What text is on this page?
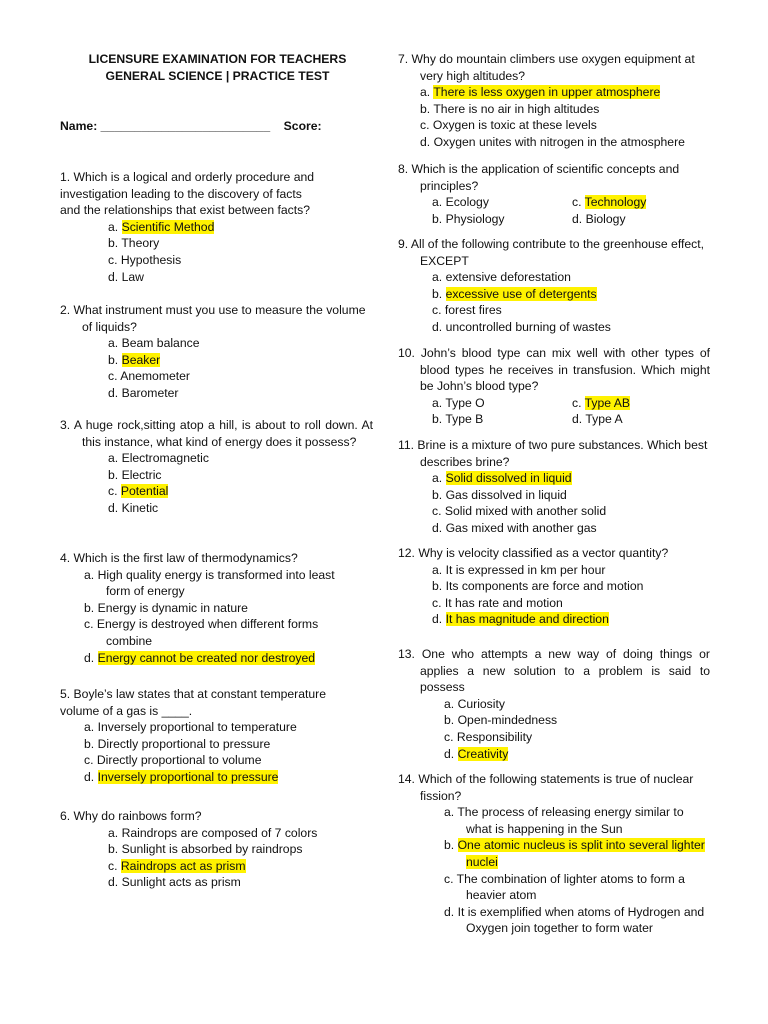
LICENSURE EXAMINATION FOR TEACHERS
GENERAL SCIENCE | PRACTICE TEST
Name: _________________________ Score:
1. Which is a logical and orderly procedure and investigation leading to the discovery of facts
and the relationships that exist between facts?
a. Scientific Method
b. Theory
c. Hypothesis
d. Law
2. What instrument must you use to measure the volume of liquids?
a. Beam balance
b. Beaker
c. Anemometer
d. Barometer
3. A huge rock,sitting atop a hill, is about to roll down. At this instance, what kind of energy does it possess?
a. Electromagnetic
b. Electric
c. Potential
d. Kinetic
4. Which is the first law of thermodynamics?
a. High quality energy is transformed into least form of energy
b. Energy is dynamic in nature
c. Energy is destroyed when different forms combine
d. Energy cannot be created nor destroyed
5. Boyle’s law states that at constant temperature volume of a gas is ____.
a. Inversely proportional to temperature
b. Directly proportional to pressure
c. Directly proportional to volume
d. Inversely proportional to pressure
6. Why do rainbows form?
a. Raindrops are composed of 7 colors
b. Sunlight is absorbed by raindrops
c. Raindrops act as prism
d. Sunlight acts as prism
7. Why do mountain climbers use oxygen equipment at very high altitudes?
a. There is less oxygen in upper atmosphere
b. There is no air in high altitudes
c. Oxygen is toxic at these levels
d. Oxygen unites with nitrogen in the atmosphere
8. Which is the application of scientific concepts and principles?
a. Ecology	c. Technology
b. Physiology	d. Biology
9. All of the following contribute to the greenhouse effect, EXCEPT
a. extensive deforestation
b. excessive use of detergents
c. forest fires
d. uncontrolled burning of wastes
10. John’s blood type can mix well with other types of blood types he receives in transfusion. Which might be John’s blood type?
a. Type O	c. Type AB
b. Type B	d. Type A
11. Brine is a mixture of two pure substances. Which best describes brine?
a. Solid dissolved in liquid
b. Gas dissolved in liquid
c. Solid mixed with another solid
d. Gas mixed with another gas
12. Why is velocity classified as a vector quantity?
a. It is expressed in km per hour
b. Its components are force and motion
c. It has rate and motion
d. It has magnitude and direction
13. One who attempts a new way of doing things or applies a new solution to a problem is said to possess
a. Curiosity
b. Open-mindedness
c. Responsibility
d. Creativity
14. Which of the following statements is true of nuclear fission?
a. The process of releasing energy similar to what is happening in the Sun
b. One atomic nucleus is split into several lighter nuclei
c. The combination of lighter atoms to form a heavier atom
d. It is exemplified when atoms of Hydrogen and Oxygen join together to form water
